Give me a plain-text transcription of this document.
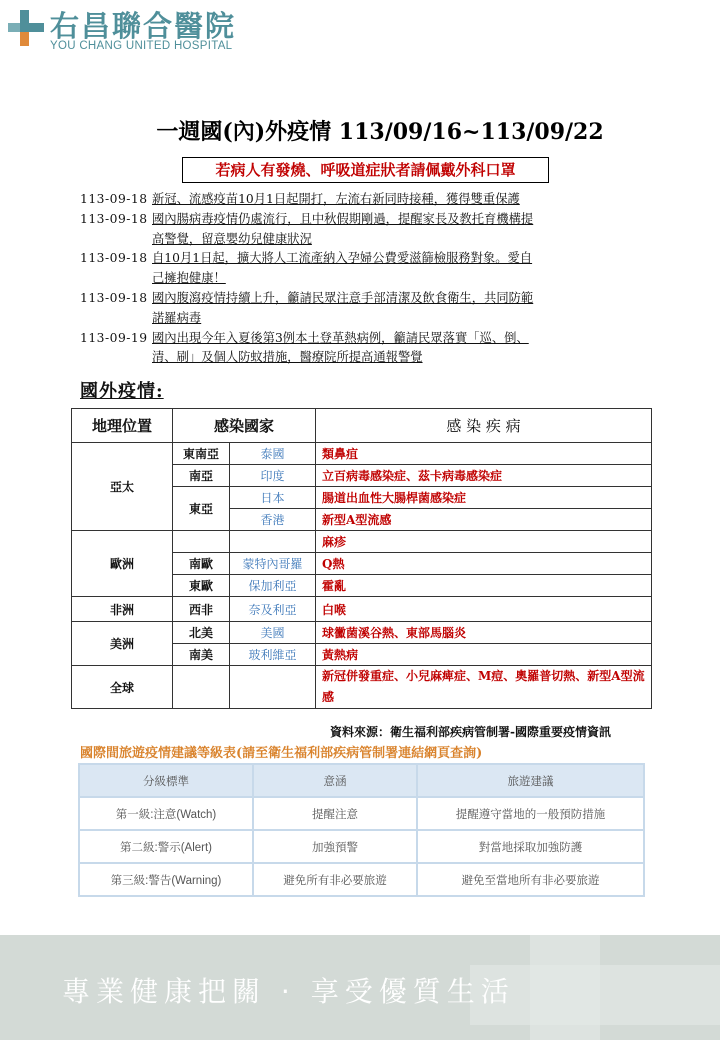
右昌聯合醫院
YOU CHANG UNITED HOSPITAL
一週國(內)外疫情 113/09/16~113/09/22
若病人有發燒、呼吸道症狀者請佩戴外科口罩
113-09-18 新冠、流感疫苗10月1日起開打，左流右新同時接種，獲得雙重保護
113-09-18 國內腸病毒疫情仍處流行，且中秋假期剛過，提醒家長及教托育機構提
高警覺，留意嬰幼兒健康狀況
113-09-18 自10月1日起，擴大將人工流產納入孕婦公費愛滋篩檢服務對象。愛自
己擁抱健康！
113-09-18 國內腹瀉疫情持續上升，籲請民眾注意手部清潔及飲食衛生，共同防範
諾羅病毒
113-09-19 國內出現今年入夏後第3例本土登革熱病例，籲請民眾落實「巡、倒、
清、刷」及個人防蚊措施，醫療院所提高通報警覺
國外疫情:
地理位置	感染國家		感 染 疾 病
亞太	東南亞	泰國	類鼻疽
	南亞	印度	立百病毒感染症、茲卡病毒感染症
	東亞	日本	腸道出血性大腸桿菌感染症
		香港	新型A型流感
歐洲			麻疹
	南歐	蒙特內哥羅	Q熱
	東歐	保加利亞	霍亂
非洲	西非	奈及利亞	白喉
美洲	北美	美國	球黴菌溪谷熱、東部馬腦炎
	南美	玻利維亞	黃熱病
全球			新冠併發重症、小兒麻痺症、M痘、奧羅普切熱、新型A型流感
資料來源：衛生福利部疾病管制署-國際重要疫情資訊
國際間旅遊疫情建議等級表(請至衛生福利部疾病管制署連結網頁查詢)
分級標準	意涵	旅遊建議
第一級:注意(Watch)	提醒注意	提醒遵守當地的一般預防措施
第二級:警示(Alert)	加強預警	對當地採取加強防護
第三級:警告(Warning)	避免所有非必要旅遊	避免至當地所有非必要旅遊
專業健康把關 · 享受優質生活
